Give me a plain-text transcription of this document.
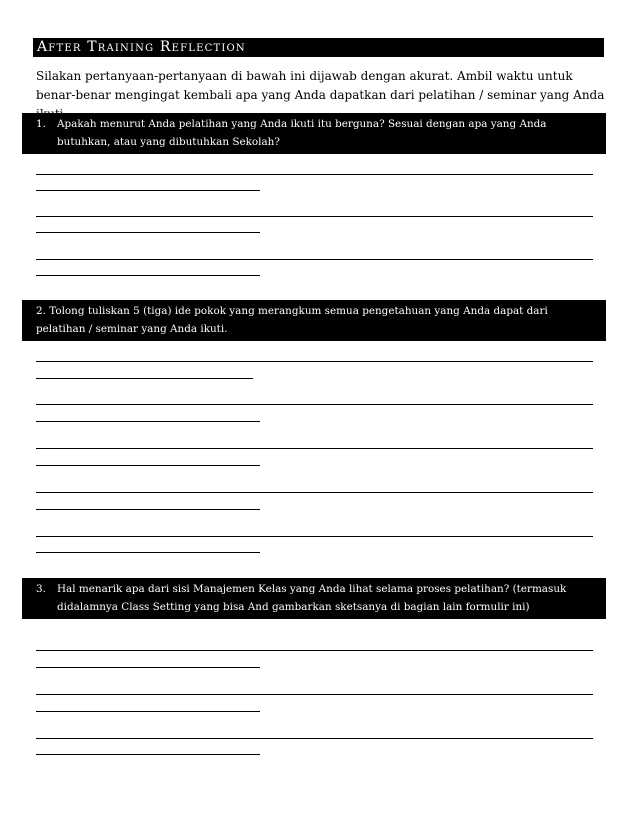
After Training Reflection
Silakan pertanyaan-pertanyaan di bawah ini dijawab dengan akurat. Ambil waktu untuk benar-benar mengingat kembali apa yang Anda dapatkan dari pelatihan / seminar yang Anda
1. Apakah menurut Anda pelatihan yang Anda ikuti itu berguna? Sesuai dengan apa yang Anda butuhkan, atau yang dibutuhkan Sekolah?
2. Tolong tuliskan 5 (tiga) ide pokok yang merangkum semua pengetahuan yang Anda dapat dari pelatihan / seminar yang Anda ikuti.
3. Hal menarik apa dari sisi Manajemen Kelas yang Anda lihat selama proses pelatihan? (termasuk didalamnya Class Setting yang bisa And gambarkan sketsanya di bagian lain formulir ini)
